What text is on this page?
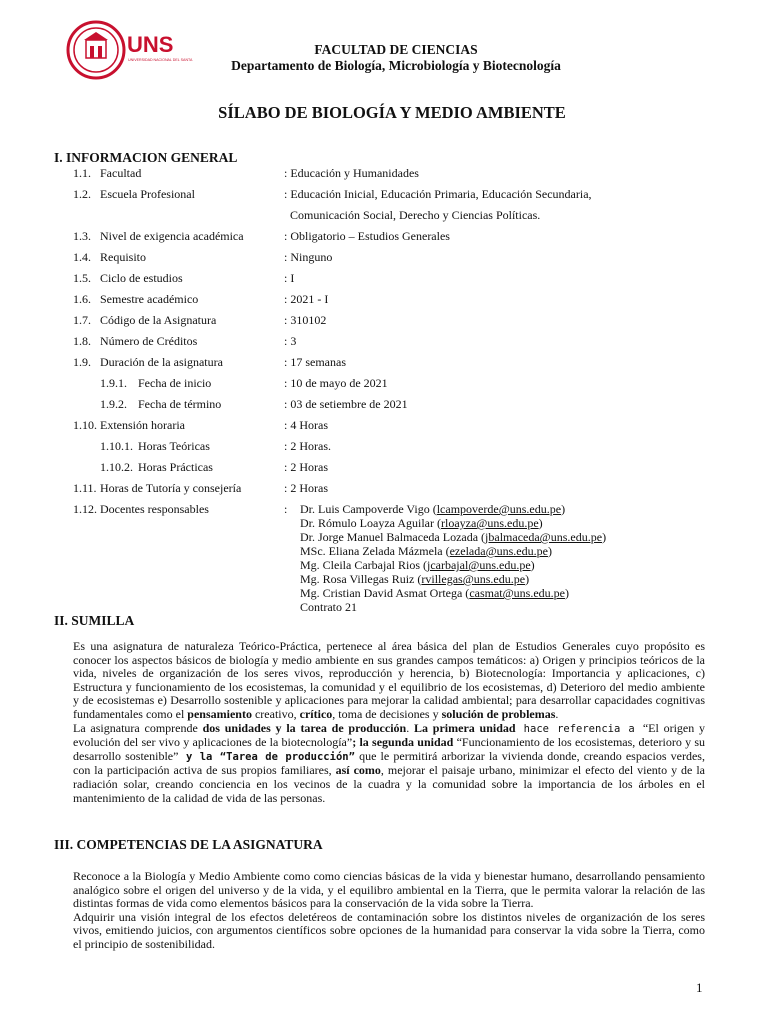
UNS
UNIVERSIDAD NACIONAL DEL SANTA
FACULTAD DE CIENCIAS
Departamento de Biología, Microbiología y Biotecnología
SÍLABO DE BIOLOGÍA Y MEDIO AMBIENTE
I. INFORMACION GENERAL
1.1. Facultad	: Educación y Humanidades
1.2. Escuela Profesional	: Educación Inicial, Educación Primaria, Educación Secundaria,
Comunicación Social, Derecho y Ciencias Políticas.
1.3. Nivel de exigencia académica	: Obligatorio – Estudios Generales
1.4. Requisito	: Ninguno
1.5. Ciclo de estudios	: I
1.6. Semestre académico	: 2021 - I
1.7. Código de la Asignatura	: 310102
1.8. Número de Créditos	: 3
1.9. Duración de la asignatura	: 17 semanas
1.9.1. Fecha de inicio	: 10 de mayo de 2021
1.9.2. Fecha de término	: 03 de setiembre de 2021
1.10. Extensión horaria	: 4 Horas
1.10.1. Horas Teóricas	: 2 Horas.
1.10.2. Horas Prácticas	: 2 Horas
1.11. Horas de Tutoría y consejería	: 2 Horas
1.12. Docentes responsables	: Dr. Luis Campoverde Vigo (lcampoverde@uns.edu.pe)
Dr. Rómulo Loayza Aguilar (rloayza@uns.edu.pe)
Dr. Jorge Manuel Balmaceda Lozada (jbalmaceda@uns.edu.pe)
MSc. Eliana Zelada Mázmela (ezelada@uns.edu.pe)
Mg. Cleila Carbajal Rios (jcarbajal@uns.edu.pe)
Mg. Rosa Villegas Ruiz (rvillegas@uns.edu.pe)
Mg. Cristian David Asmat Ortega (casmat@uns.edu.pe)
Contrato 21
II. SUMILLA

Es una asignatura de naturaleza Teórico-Práctica, pertenece al área básica del plan de Estudios Generales cuyo propósito es conocer los aspectos básicos de biología y medio ambiente en sus grandes campos temáticos: a) Origen y principios teóricos de la vida, niveles de organización de los seres vivos, reproducción y herencia, b) Biotecnología: Importancia y aplicaciones, c) Estructura y funcionamiento de los ecosistemas, la comunidad y el equilibrio de los ecosistemas, d) Deterioro del medio ambiente y de ecosistemas e) Desarrollo sostenible y aplicaciones para mejorar la calidad ambiental; para desarrollar capacidades cognitivas fundamentales como el pensamiento creativo, crítico, toma de decisiones y solución de problemas.

La asignatura comprende dos unidades y la tarea de producción. La primera unidad hace referencia a “El origen y evolución del ser vivo y aplicaciones de la biotecnología”; la segunda unidad “Funcionamiento de los ecosistemas, deterioro y su desarrollo sostenible” y la “Tarea de producción” que le permitirá arborizar la vivienda donde, creando espacios verdes, con la participación activa de sus propios familiares, así como, mejorar el paisaje urbano, minimizar el efecto del viento y de la radiación solar, creando conciencia en los vecinos de la cuadra y la comunidad sobre la importancia de los árboles en el mantenimiento de la calidad de vida de las personas.

III. COMPETENCIAS DE LA ASIGNATURA

Reconoce a la Biología y Medio Ambiente como como ciencias básicas de la vida y bienestar humano, desarrollando pensamiento analógico sobre el origen del universo y de la vida, y el equilibro ambiental en la Tierra, que le permita valorar la relación de las distintas formas de vida como elementos básicos para la conservación de la vida sobre la Tierra.

Adquirir una visión integral de los efectos deletéreos de contaminación sobre los distintos niveles de organización de los seres vivos, emitiendo juicios, con argumentos científicos sobre opciones de la humanidad para conservar la vida sobre la Tierra, como el principio de sostenibilidad.

1
